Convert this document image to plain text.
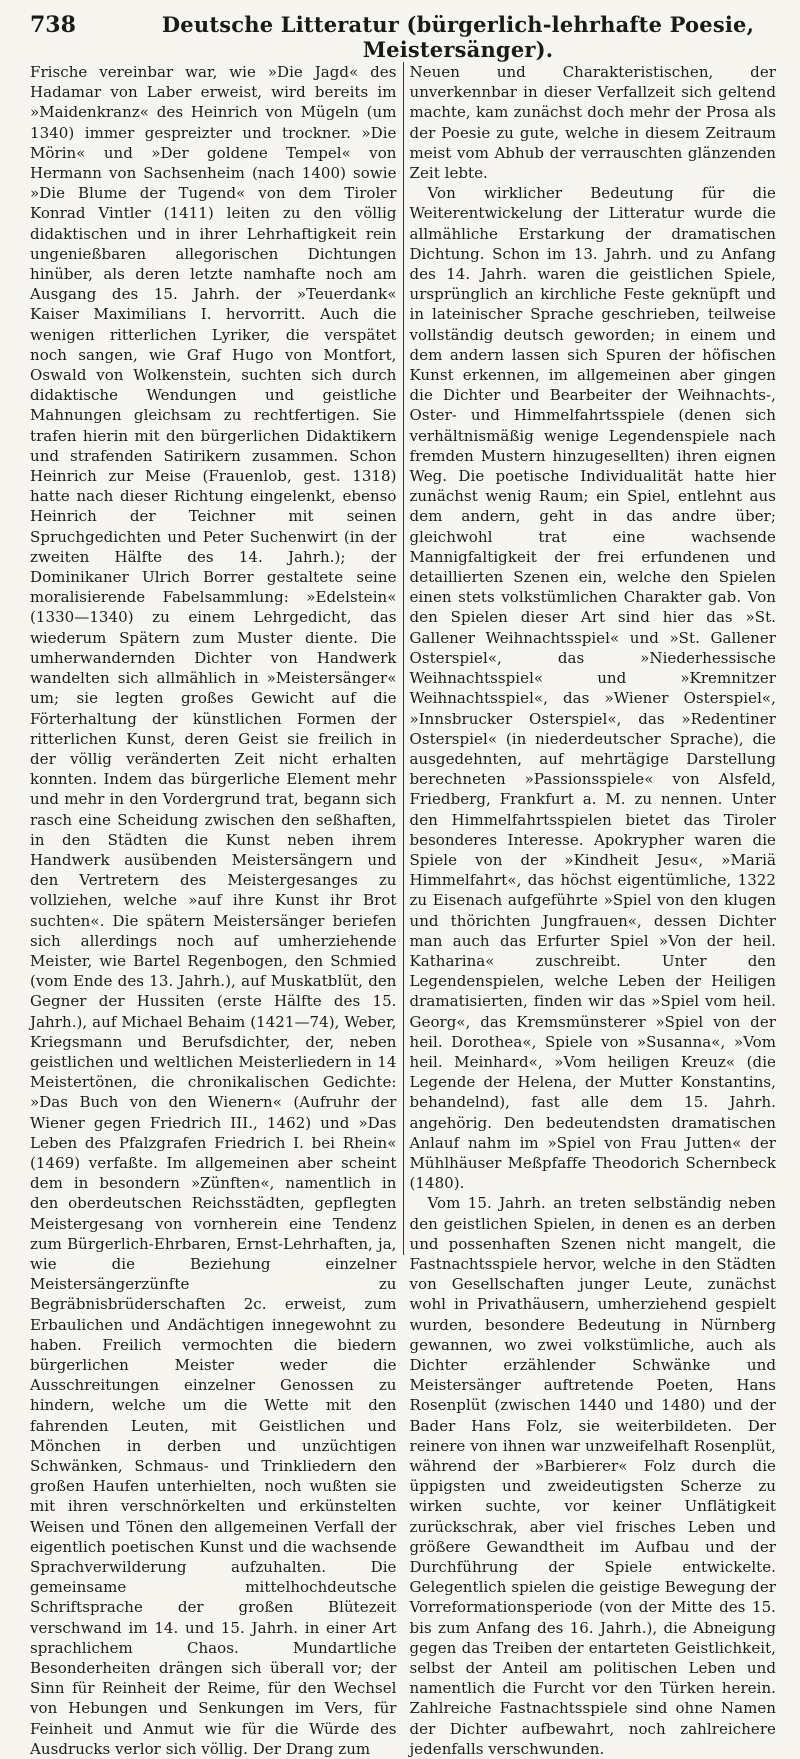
738	Deutsche Litteratur (bürgerlich-lehrhafte Poesie, Meistersänger).

Frische vereinbar war, wie »Die Jagd« des Hadamar von Laber erweist, wird bereits im »Maidenkranz« des Heinrich von Mügeln (um 1340) immer gespreizter und trockner. »Die Mörin« und »Der goldene Tempel« von Hermann von Sachsenheim (nach 1400) sowie »Die Blume der Tugend« von dem Tiroler Konrad Vintler (1411) leiten zu den völlig didaktischen und in ihrer Lehrhaftigkeit rein ungenießbaren allegorischen Dichtungen hinüber, als deren letzte namhafte noch am Ausgang des 15. Jahrh. der »Teuerdank« Kaiser Maximilians I. hervorritt. Auch die wenigen ritterlichen Lyriker, die verspätet noch sangen, wie Graf Hugo von Montfort, Oswald von Wolkenstein, suchten sich durch didaktische Wendungen und geistliche Mahnungen gleichsam zu rechtfertigen. Sie trafen hierin mit den bürgerlichen Didaktikern und strafenden Satirikern zusammen. Schon Heinrich zur Meise (Frauenlob, gest. 1318) hatte nach dieser Richtung eingelenkt, ebenso Heinrich der Teichner mit seinen Spruchgedichten und Peter Suchenwirt (in der zweiten Hälfte des 14. Jahrh.); der Dominikaner Ulrich Borrer gestaltete seine moralisierende Fabelsammlung: »Edelstein« (1330—1340) zu einem Lehrgedicht, das wiederum Spätern zum Muster diente. Die umherwandernden Dichter von Handwerk wandelten sich allmählich in »Meistersänger« um; sie legten großes Gewicht auf die Förterhaltung der künstlichen Formen der ritterlichen Kunst, deren Geist sie freilich in der völlig veränderten Zeit nicht erhalten konnten. Indem das bürgerliche Element mehr und mehr in den Vordergrund trat, begann sich rasch eine Scheidung zwischen den seßhaften, in den Städten die Kunst neben ihrem Handwerk ausübenden Meistersängern und den Vertretern des Meistergesanges zu vollziehen, welche »auf ihre Kunst ihr Brot suchten«. Die spätern Meistersänger beriefen sich allerdings noch auf umherziehende Meister, wie Bartel Regenbogen, den Schmied (vom Ende des 13. Jahrh.), auf Muskatblüt, den Gegner der Hussiten (erste Hälfte des 15. Jahrh.), auf Michael Behaim (1421—74), Weber, Kriegsmann und Berufsdichter, der, neben geistlichen und weltlichen Meisterliedern in 14 Meistertönen, die chronikalischen Gedichte: »Das Buch von den Wienern« (Aufruhr der Wiener gegen Friedrich III., 1462) und »Das Leben des Pfalzgrafen Friedrich I. bei Rhein« (1469) verfaßte. Im allgemeinen aber scheint dem in besondern »Zünften«, namentlich in den oberdeutschen Reichsstädten, gepflegten Meistergesang von vornherein eine Tendenz zum Bürgerlich-Ehrbaren, Ernst-Lehrhaften, ja, wie die Beziehung einzelner Meistersängerzünfte zu Begräbnisbrüderschaften 2c. erweist, zum Erbaulichen und Andächtigen innegewohnt zu haben. Freilich vermochten die biedern bürgerlichen Meister weder die Ausschreitungen einzelner Genossen zu hindern, welche um die Wette mit den fahrenden Leuten, mit Geistlichen und Mönchen in derben und unzüchtigen Schwänken, Schmaus- und Trinkliedern den großen Haufen unterhielten, noch wußten sie mit ihren verschnörkelten und erkünstelten Weisen und Tönen den allgemeinen Verfall der eigentlich poetischen Kunst und die wachsende Sprachverwilderung aufzuhalten. Die gemeinsame mittelhochdeutsche Schriftsprache der großen Blütezeit verschwand im 14. und 15. Jahrh. in einer Art sprachlichem Chaos. Mundartliche Besonderheiten drängen sich überall vor; der Sinn für Reinheit der Reime, für den Wechsel von Hebungen und Senkungen im Vers, für Feinheit und Anmut wie für die Würde des Ausdrucks verlor sich völlig. Der Drang zum

Neuen und Charakteristischen, der unverkennbar in dieser Verfallzeit sich geltend machte, kam zunächst doch mehr der Prosa als der Poesie zu gute, welche in diesem Zeitraum meist vom Abhub der verrauschten glänzenden Zeit lebte.

Von wirklicher Bedeutung für die Weiterentwickelung der Litteratur wurde die allmähliche Erstarkung der dramatischen Dichtung. Schon im 13. Jahrh. und zu Anfang des 14. Jahrh. waren die geistlichen Spiele, ursprünglich an kirchliche Feste geknüpft und in lateinischer Sprache geschrieben, teilweise vollständig deutsch geworden; in einem und dem andern lassen sich Spuren der höfischen Kunst erkennen, im allgemeinen aber gingen die Dichter und Bearbeiter der Weihnachts-, Oster- und Himmelfahrtsspiele (denen sich verhältnismäßig wenige Legendenspiele nach fremden Mustern hinzugesellten) ihren eignen Weg. Die poetische Individualität hatte hier zunächst wenig Raum; ein Spiel, entlehnt aus dem andern, geht in das andre über; gleichwohl trat eine wachsende Mannigfaltigkeit der frei erfundenen und detaillierten Szenen ein, welche den Spielen einen stets volkstümlichen Charakter gab. Von den Spielen dieser Art sind hier das »St. Gallener Weihnachtsspiel« und »St. Gallener Osterspiel«, das »Niederhessische Weihnachtsspiel« und »Kremnitzer Weihnachtsspiel«, das »Wiener Osterspiel«, »Innsbrucker Osterspiel«, das »Redentiner Osterspiel« (in niederdeutscher Sprache), die ausgedehnten, auf mehrtägige Darstellung berechneten »Passionsspiele« von Alsfeld, Friedberg, Frankfurt a. M. zu nennen. Unter den Himmelfahrtsspielen bietet das Tiroler besonderes Interesse. Apokrypher waren die Spiele von der »Kindheit Jesu«, »Mariä Himmelfahrt«, das höchst eigentümliche, 1322 zu Eisenach aufgeführte »Spiel von den klugen und thörichten Jungfrauen«, dessen Dichter man auch das Erfurter Spiel »Von der heil. Katharina« zuschreibt. Unter den Legendenspielen, welche Leben der Heiligen dramatisierten, finden wir das »Spiel vom heil. Georg«, das Kremsmünsterer »Spiel von der heil. Dorothea«, Spiele von »Susanna«, »Vom heil. Meinhard«, »Vom heiligen Kreuz« (die Legende der Helena, der Mutter Konstantins, behandelnd), fast alle dem 15. Jahrh. angehörig. Den bedeutendsten dramatischen Anlauf nahm im »Spiel von Frau Jutten« der Mühlhäuser Meßpfaffe Theodorich Schernbeck (1480).

Vom 15. Jahrh. an treten selbständig neben den geistlichen Spielen, in denen es an derben und possenhaften Szenen nicht mangelt, die Fastnachtsspiele hervor, welche in den Städten von Gesellschaften junger Leute, zunächst wohl in Privathäusern, umherziehend gespielt wurden, besondere Bedeutung in Nürnberg gewannen, wo zwei volkstümliche, auch als Dichter erzählender Schwänke und Meistersänger auftretende Poeten, Hans Rosenplüt (zwischen 1440 und 1480) und der Bader Hans Folz, sie weiterbildeten. Der reinere von ihnen war unzweifelhaft Rosenplüt, während der »Barbierer« Folz durch die üppigsten und zweideutigsten Scherze zu wirken suchte, vor keiner Unflätigkeit zurückschrak, aber viel frisches Leben und größere Gewandtheit im Aufbau und der Durchführung der Spiele entwickelte. Gelegentlich spielen die geistige Bewegung der Vorreformationsperiode (von der Mitte des 15. bis zum Anfang des 16. Jahrh.), die Abneigung gegen das Treiben der entarteten Geistlichkeit, selbst der Anteil am politischen Leben und namentlich die Furcht vor den Türken herein. Zahlreiche Fastnachtsspiele sind ohne Namen der Dichter aufbewahrt, noch zahlreichere jedenfalls verschwunden.
